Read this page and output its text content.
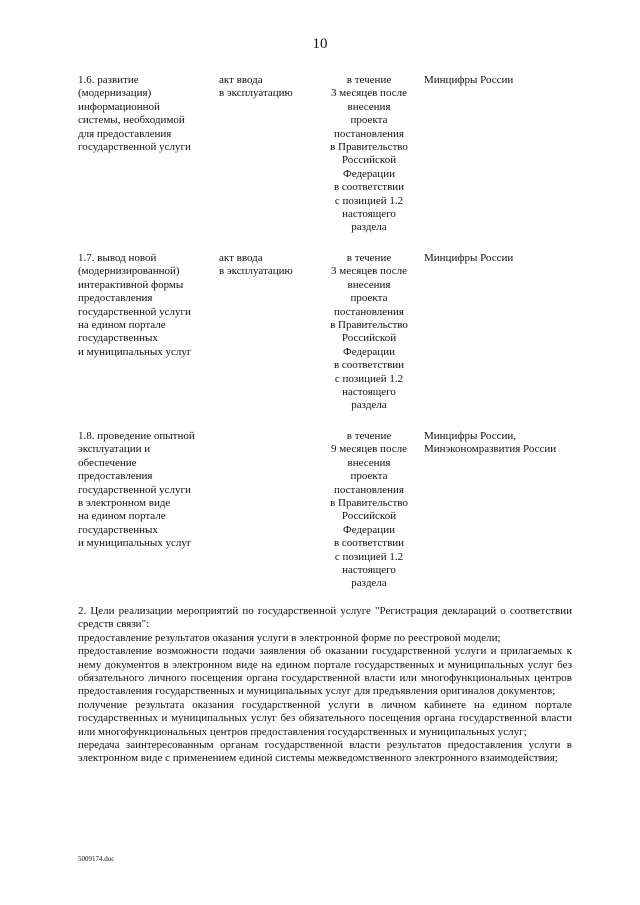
10
1.6. развитие
(модернизация)
информационной
системы, необходимой
для предоставления
государственной услуги
акт ввода
в эксплуатацию
в течение
3 месяцев после
внесения
проекта
постановления
в Правительство
Российской
Федерации
в соответствии
с позицией 1.2
настоящего
раздела
Минцифры России
1.7. вывод новой
(модернизированной)
интерактивной формы
предоставления
государственной услуги
на едином портале
государственных
и муниципальных услуг
акт ввода
в эксплуатацию
в течение
3 месяцев после
внесения
проекта
постановления
в Правительство
Российской
Федерации
в соответствии
с позицией 1.2
настоящего
раздела
Минцифры России
1.8. проведение опытной
эксплуатации и
обеспечение
предоставления
государственной услуги
в электронном виде
на едином портале
государственных
и муниципальных услуг
в течение
9 месяцев после
внесения
проекта
постановления
в Правительство
Российской
Федерации
в соответствии
с позицией 1.2
настоящего
раздела
Минцифры России,
Минэкономразвития России

2. Цели реализации мероприятий по государственной услуге "Регистрация деклараций о соответствии средств связи":

предоставление результатов оказания услуги в электронной форме по реестровой модели;

предоставление возможности подачи заявления об оказании государственной услуги и прилагаемых к нему документов в электронном виде на едином портале государственных и муниципальных услуг без обязательного личного посещения органа государственной власти или многофункциональных центров предоставления государственных и муниципальных услуг для предъявления оригиналов документов;

получение результата оказания государственной услуги в личном кабинете на едином портале государственных и муниципальных услуг без обязательного посещения органа государственной власти или многофункциональных центров предоставления государственных и муниципальных услуг;

передача заинтересованным органам государственной власти результатов предоставления услуги в электронном виде с применением единой системы межведомственного электронного взаимодействия;

5009174.doc
